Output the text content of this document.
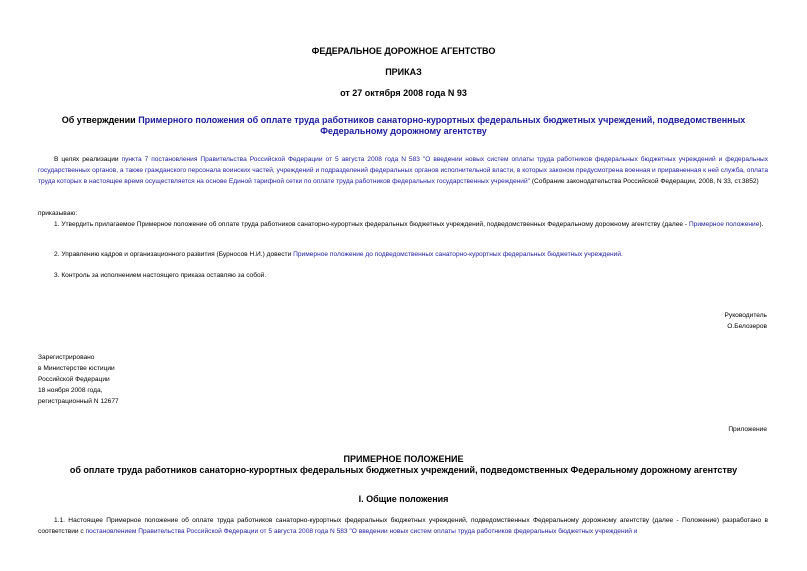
ФЕДЕРАЛЬНОЕ ДОРОЖНОЕ АГЕНТСТВО
ПРИКАЗ
от 27 октября 2008 года N 93
Об утверждении Примерного положения об оплате труда работников санаторно-курортных федеральных бюджетных учреждений, подведомственных Федеральному дорожному агентству
В целях реализации пункта 7 постановления Правительства Российской Федерации от 5 августа 2008 года N 583 "О введении новых систем оплаты труда работников федеральных бюджетных учреждений и федеральных государственных органов, а также гражданского персонала воинских частей, учреждений и подразделений федеральных органов исполнительной власти, в которых законом предусмотрена военная и приравненная к ней служба, оплата труда которых в настоящее время осуществляется на основе Единой тарифной сетки по оплате труда работников федеральных государственных учреждений" (Собрание законодательства Российской Федерации, 2008, N 33, ст.3852)
приказываю:
1. Утвердить прилагаемое Примерное положение об оплате труда работников санаторно-курортных федеральных бюджетных учреждений, подведомственных Федеральному дорожному агентству (далее - Примерное положение).
2. Управлению кадров и организационного развития (Бурносов Н.И.) довести Примерное положение до подведомственных санаторно-курортных федеральных бюджетных учреждений.
3. Контроль за исполнением настоящего приказа оставляю за собой.
Руководитель
О.Белозеров
Зарегистрировано
в Министерстве юстиции
Российской Федерации
18 ноября 2008 года,
регистрационный N 12677
Приложение
ПРИМЕРНОЕ ПОЛОЖЕНИЕ
об оплате труда работников санаторно-курортных федеральных бюджетных учреждений, подведомственных Федеральному дорожному агентству
I. Общие положения
1.1. Настоящее Примерное положение об оплате труда работников санаторно-курортных федеральных бюджетных учреждений, подведомственных Федеральному дорожному агентству (далее - Положение) разработано в соответствии с постановлением Правительства Российской Федерации от 5 августа 2008 года N 583 "О введении новых систем оплаты труда работников федеральных бюджетных учреждений и
